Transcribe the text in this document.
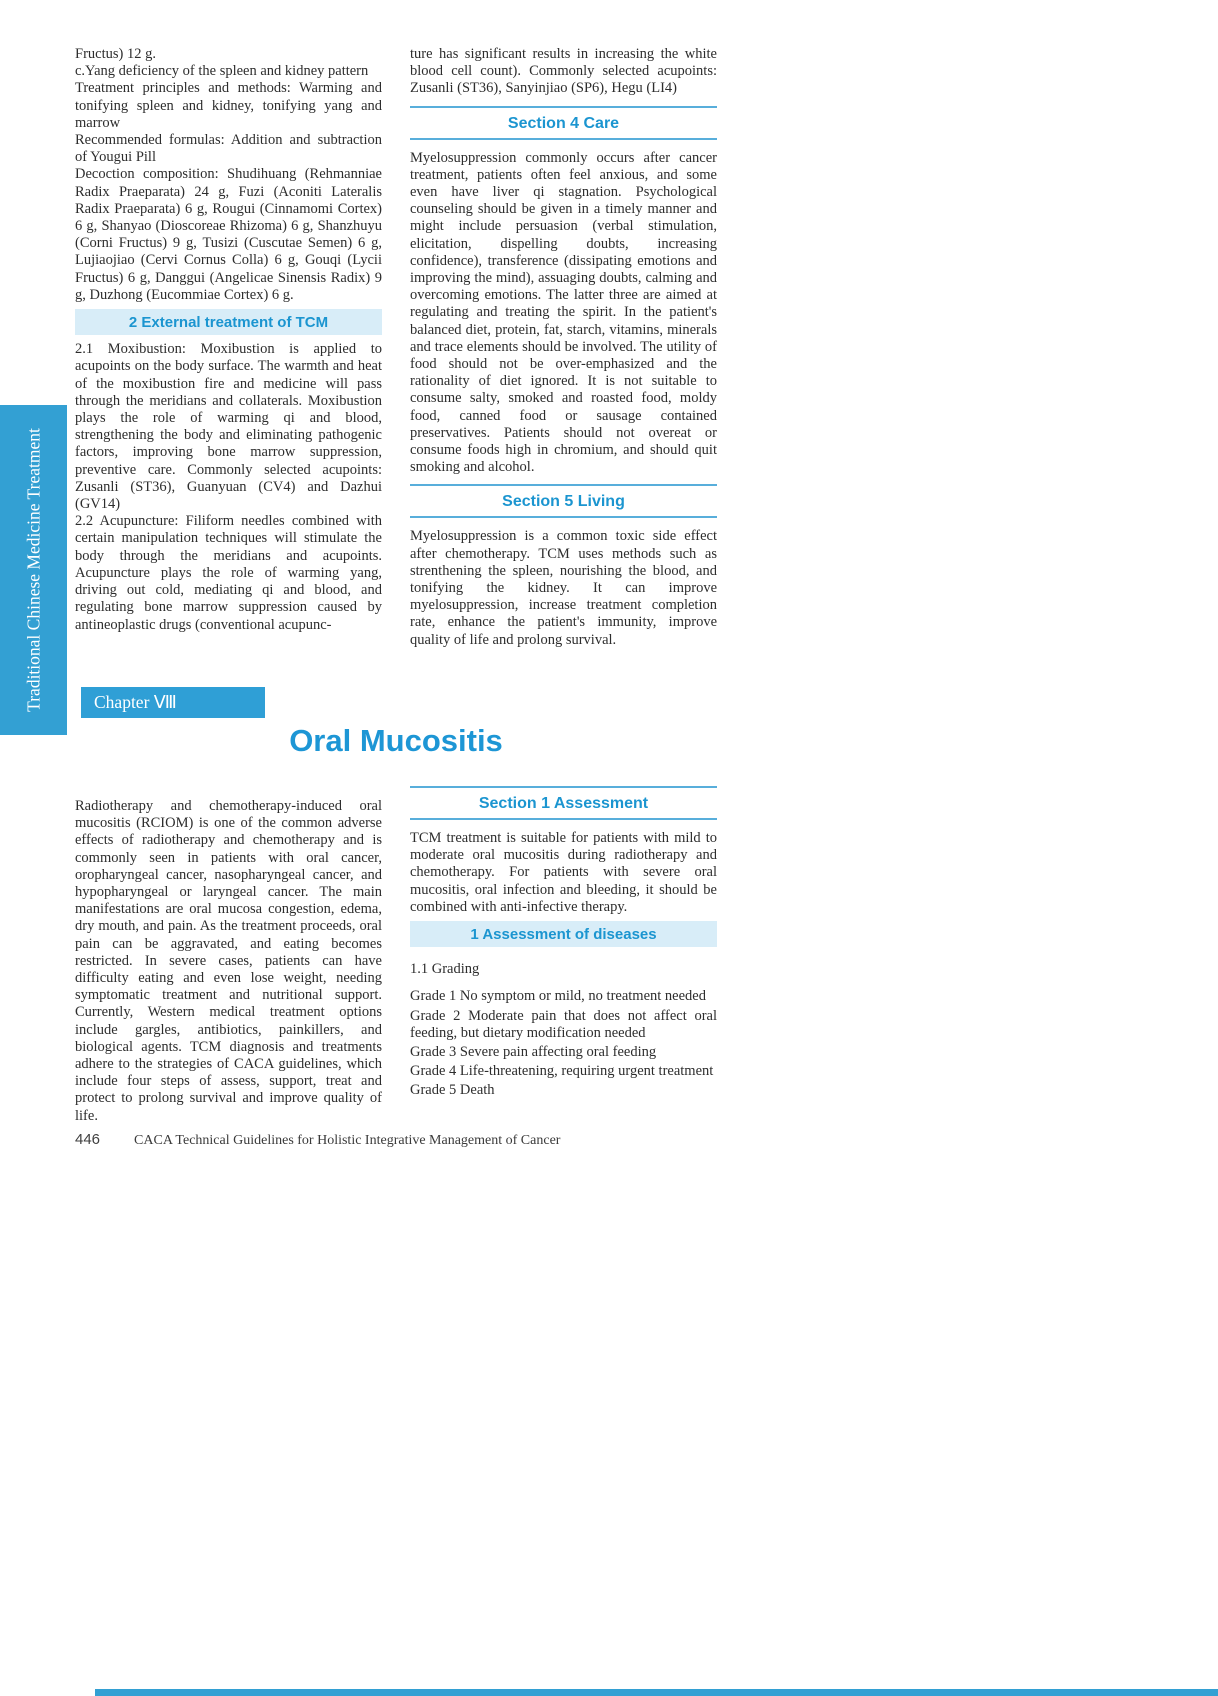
Traditional Chinese Medicine Treatment

Fructus) 12 g.

c.Yang deficiency of the spleen and kidney pattern

Treatment principles and methods: Warming and tonifying spleen and kidney, tonifying yang and marrow

Recommended formulas: Addition and subtraction of Yougui Pill

Decoction composition: Shudihuang (Rehmanniae Radix Praeparata) 24 g, Fuzi (Aconiti Lateralis Radix Praeparata) 6 g, Rougui (Cinnamomi Cortex) 6 g, Shanyao (Dioscoreae Rhizoma) 6 g, Shanzhuyu (Corni Fructus) 9 g, Tusizi (Cuscutae Semen) 6 g, Lujiaojiao (Cervi Cornus Colla) 6 g, Gouqi (Lycii Fructus) 6 g, Danggui (Angelicae Sinensis Radix) 9 g, Duzhong (Eucommiae Cortex) 6 g.

2 External treatment of TCM

2.1 Moxibustion: Moxibustion is applied to acupoints on the body surface. The warmth and heat of the moxibustion fire and medicine will pass through the meridians and collaterals. Moxibustion plays the role of warming qi and blood, strengthening the body and eliminating pathogenic factors, improving bone marrow suppression, preventive care. Commonly selected acupoints: Zusanli (ST36), Guanyuan (CV4) and Dazhui (GV14)

2.2 Acupuncture: Filiform needles combined with certain manipulation techniques will stimulate the body through the meridians and acupoints. Acupuncture plays the role of warming yang, driving out cold, mediating qi and blood, and regulating bone marrow suppression caused by antineoplastic drugs (conventional acupunc-

ture has significant results in increasing the white blood cell count). Commonly selected acupoints: Zusanli (ST36), Sanyinjiao (SP6), Hegu (LI4)

Section 4 Care

Myelosuppression commonly occurs after cancer treatment, patients often feel anxious, and some even have liver qi stagnation. Psychological counseling should be given in a timely manner and might include persuasion (verbal stimulation, elicitation, dispelling doubts, increasing confidence), transference (dissipating emotions and improving the mind), assuaging doubts, calming and overcoming emotions. The latter three are aimed at regulating and treating the spirit. In the patient's balanced diet, protein, fat, starch, vitamins, minerals and trace elements should be involved. The utility of food should not be over-emphasized and the rationality of diet ignored. It is not suitable to consume salty, smoked and roasted food, moldy food, canned food or sausage contained preservatives. Patients should not overeat or consume foods high in chromium, and should quit smoking and alcohol.

Section 5 Living

Myelosuppression is a common toxic side effect after chemotherapy. TCM uses methods such as strenthening the spleen, nourishing the blood, and tonifying the kidney. It can improve myelosuppression, increase treatment completion rate, enhance the patient's immunity, improve quality of life and prolong survival.

Chapter Ⅷ
Oral Mucositis

Radiotherapy and chemotherapy-induced oral mucositis (RCIOM) is one of the common adverse effects of radiotherapy and chemotherapy and is commonly seen in patients with oral cancer, oropharyngeal cancer, nasopharyngeal cancer, and hypopharyngeal or laryngeal cancer. The main manifestations are oral mucosa congestion, edema, dry mouth, and pain. As the treatment proceeds, oral pain can be aggravated, and eating becomes restricted. In severe cases, patients can have difficulty eating and even lose weight, needing symptomatic treatment and nutritional support. Currently, Western medical treatment options include gargles, antibiotics, painkillers, and biological agents. TCM diagnosis and treatments adhere to the strategies of CACA guidelines, which include four steps of assess, support, treat and protect to prolong survival and improve quality of life.

Section 1 Assessment

TCM treatment is suitable for patients with mild to moderate oral mucositis during radiotherapy and chemotherapy. For patients with severe oral mucositis, oral infection and bleeding, it should be combined with anti-infective therapy.

1 Assessment of diseases

1.1 Grading

Grade 1 No symptom or mild, no treatment needed

Grade 2 Moderate pain that does not affect oral feeding, but dietary modification needed

Grade 3 Severe pain affecting oral feeding

Grade 4 Life-threatening, requiring urgent treatment

Grade 5 Death

446 CACA Technical Guidelines for Holistic Integrative Management of Cancer
